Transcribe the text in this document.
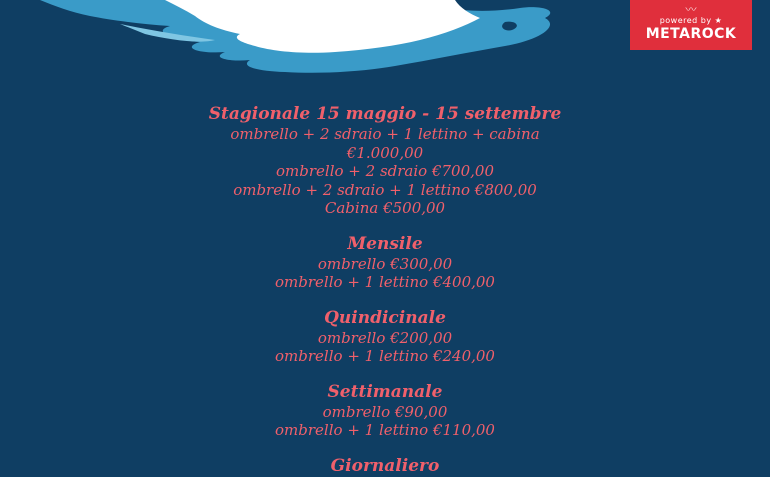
〰
powered by ★
METAROCK

Stagionale 15 maggio - 15 settembre

ombrello + 2 sdraio + 1 lettino + cabina

€1.000,00

ombrello + 2 sdraio €700,00

ombrello + 2 sdraio + 1 lettino €800,00

Cabina €500,00

Mensile

ombrello €300,00

ombrello + 1 lettino €400,00

Quindicinale

ombrello €200,00

ombrello + 1 lettino €240,00

Settimanale

ombrello €90,00

ombrello + 1 lettino €110,00

Giornaliero
